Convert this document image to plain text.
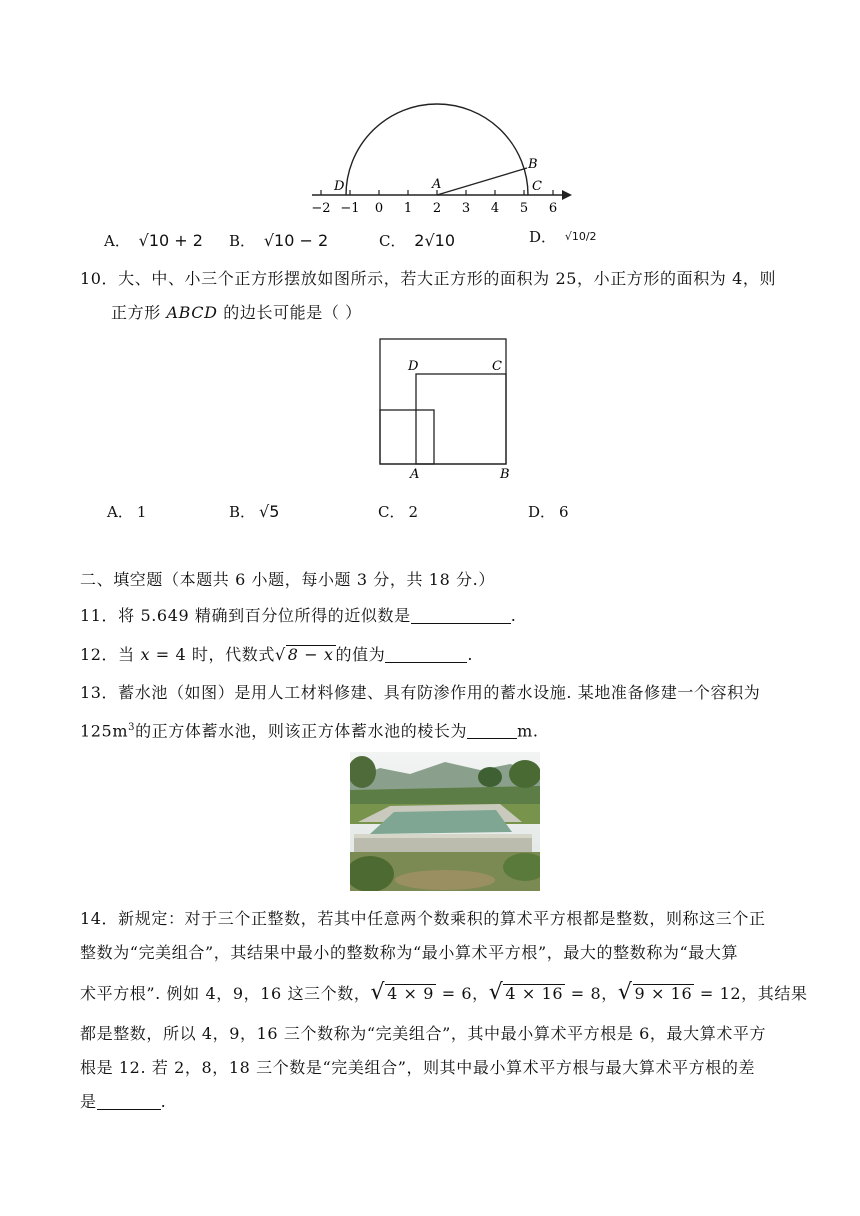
−2 −1 0 1 2 3 4 5 6
D	A
B
C
A． √10 + 2 B． √10 − 2	C． 2√10	D． √10/2
10．大、中、小三个正方形摆放如图所示，若大正方形的面积为 25，小正方形的面积为 4，则
正方形 ABCD 的边长可能是（ ）
D	C
A	B
A． 1	B． √5	C． 2	D． 6
二、填空题（本题共 6 小题，每小题 3 分，共 18 分.）
11．将 5.649 精确到百分位所得的近似数是	.
12．当 x = 4 时，代数式√ 8 − x 的值为	.
13．蓄水池（如图）是用人工材料修建、具有防渗作用的蓄水设施. 某地准备修建一个容积为
$125m^3$的正方体蓄水池，则该正方体蓄水池的棱长为	m.
14．新规定：对于三个正整数，若其中任意两个数乘积的算术平方根都是整数，则称这三个正
整数为“完美组合”，其结果中最小的整数称为“最小算术平方根”，最大的整数称为“最大算
术平方根”. 例如 4，9，16 这三个数，√ 4 × 9 = 6，√ 4 × 16 = 8，√ 9 × 16 = 12，其结果
都是整数，所以 4，9，16 三个数称为“完美组合”，其中最小算术平方根是 6，最大算术平方
根是 12. 若 2，8，18 三个数是“完美组合”，则其中最小算术平方根与最大算术平方根的差
是	.
